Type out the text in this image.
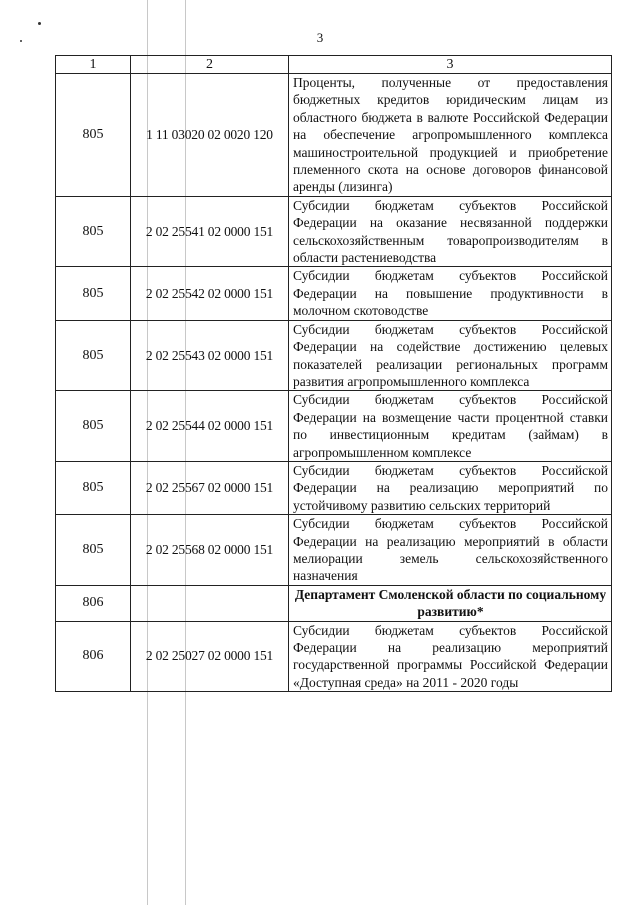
3
1	2	3
805	1 11 03020 02 0020 120	Проценты, полученные от предоставления бюджетных кредитов юридическим лицам из областного бюджета в валюте Российской Федерации на обеспечение агропромышленного комплекса машиностроительной продукцией и приобретение племенного скота на основе договоров финансовой аренды (лизинга)
805	2 02 25541 02 0000 151	Субсидии бюджетам субъектов Российской Федерации на оказание несвязанной поддержки сельскохозяйственным товаропроизводителям в области растениеводства
805	2 02 25542 02 0000 151	Субсидии бюджетам субъектов Российской Федерации на повышение продуктивности в молочном скотоводстве
805	2 02 25543 02 0000 151	Субсидии бюджетам субъектов Российской Федерации на содействие достижению целевых показателей реализации региональных программ развития агропромышленного комплекса
805	2 02 25544 02 0000 151	Субсидии бюджетам субъектов Российской Федерации на возмещение части процентной ставки по инвестиционным кредитам (займам) в агропромышленном комплексе
805	2 02 25567 02 0000 151	Субсидии бюджетам субъектов Российской Федерации на реализацию мероприятий по устойчивому развитию сельских территорий
805	2 02 25568 02 0000 151	Субсидии бюджетам субъектов Российской Федерации на реализацию мероприятий в области мелиорации земель сельскохозяйственного назначения
806		Департамент Смоленской области по социальному развитию*
806	2 02 25027 02 0000 151	Субсидии бюджетам субъектов Российской Федерации на реализацию мероприятий государственной программы Российской Федерации «Доступная среда» на 2011 - 2020 годы
